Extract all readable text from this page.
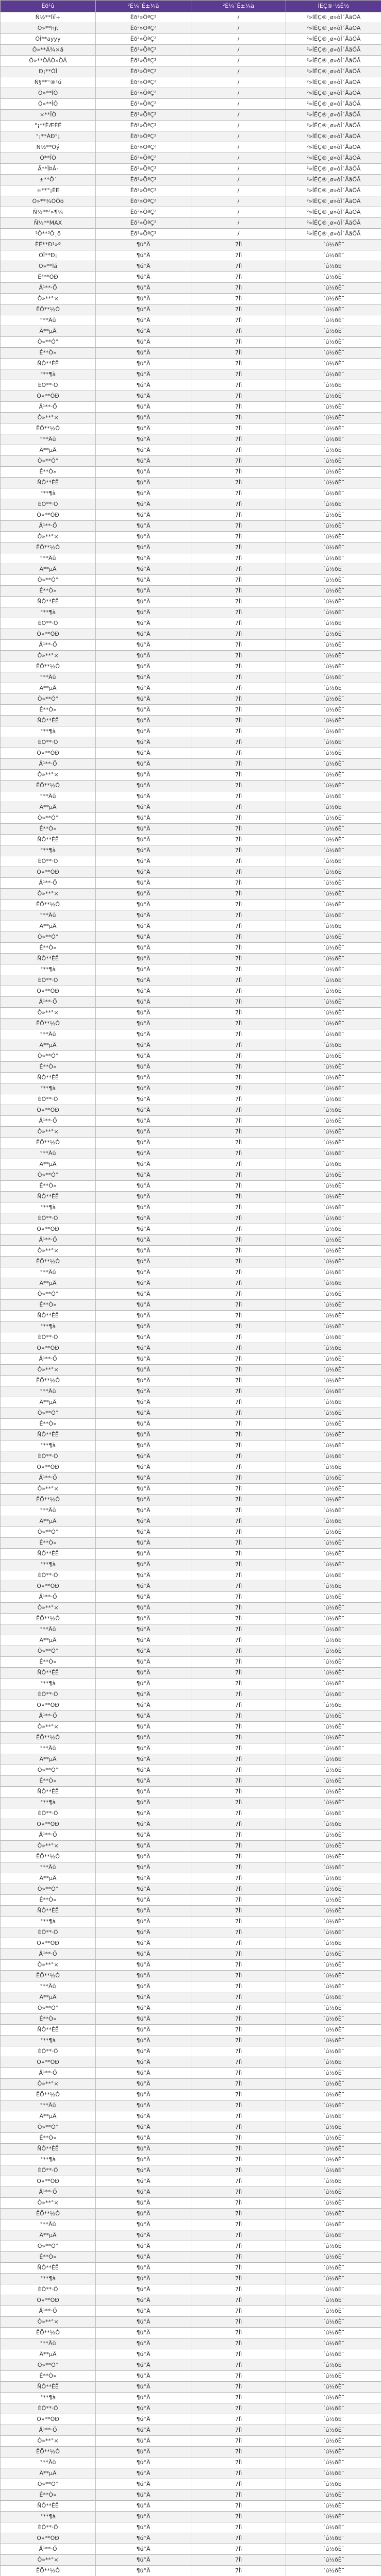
Ëð¹û	²É¼¯Ê±¼ä	²É¼¯Ê±¼ä	ÍËÇ®·½Ê½
Ñ½**ÌìÎ÷	Ëð²»ÖªÇ²	/	²»ÍËÇ®¸ø»òÎ´ÅäÖÃ
Ò»**hjt	Ëð²»ÖªÇ²	/	²»ÍËÇ®¸ø»òÎ´ÅäÖÃ
ÓÎ**ayyy	Ëð²»ÖªÇ²	/	²»ÍËÇ®¸ø»òÎ´ÅäÖÃ
Ò»**Ä¾×ã	Ëð²»ÖªÇ²	/	²»ÍËÇ®¸ø»òÎ´ÅäÖÃ
Ò»**ÒÁÒ»ÒÁ	Ëð²»ÖªÇ²	/	²»ÍËÇ®¸ø»òÎ´ÅäÖÃ
Ð¡**ÓÎ	Ëð²»ÖªÇ²	/	²»ÍËÇ®¸ø»òÎ´ÅäÖÃ
Ñ§**°®¹ú	Ëð²»ÖªÇ²	/	²»ÍËÇ®¸ø»òÎ´ÅäÖÃ
Ö»**ÎÒ	Ëð²»ÖªÇ²	/	²»ÍËÇ®¸ø»òÎ´ÅäÖÃ
Ò»**ÎÒ	Ëð²»ÖªÇ²	/	²»ÍËÇ®¸ø»òÎ´ÅäÖÃ
×**ÎÒ	Ëð²»ÖªÇ²	/	²»ÍËÇ®¸ø»òÎ´ÅäÖÃ
°¡**ÈÆÈË	Ëð²»ÖªÇ²	/	²»ÍËÇ®¸ø»òÎ´ÅäÖÃ
°¡**ÁÐ°¡	Ëð²»ÖªÇ²	/	²»ÍËÇ®¸ø»òÎ´ÅäÖÃ
Ñ½**Õý	Ëð²»ÖªÇ²	/	²»ÍËÇ®¸ø»òÎ´ÅäÖÃ
Ò**ÎÒ	Ëð²»ÖªÇ²	/	²»ÍËÇ®¸ø»òÎ´ÅäÖÃ
Ã**ÏÞÂ·	Ëð²»ÖªÇ²	/	²»ÍËÇ®¸ø»òÎ´ÅäÖÃ
±**Ô´	Ëð²»ÖªÇ²	/	²»ÍËÇ®¸ø»òÎ´ÅäÖÃ
±**°¡ÈË	Ëð²»ÖªÇ²	/	²»ÍËÇ®¸ø»òÎ´ÅäÖÃ
Ò»**¾ÓÔõ	Ëð²»ÖªÇ²	/	²»ÍËÇ®¸ø»òÎ´ÅäÖÃ
Ñ½**²»¶¼	Ëð²»ÖªÇ²	/	²»ÍËÇ®¸ø»òÎ´ÅäÖÃ
Ñ½**MAX	Ëð²»ÖªÇ²	/	²»ÍËÇ®¸ø»òÎ´ÅäÖÃ
³Ô**³Ô¸ö	Ëð²»ÖªÇ²	/	²»ÍËÇ®¸ø»òÎ´ÅäÖÃ
ÈË**Ð¹»ª	¶ú°Ä	7Ìì	´ú½ðÈ¯
ÓÎ**Ð¡	¶ú°Ä	7Ìì	´ú½ðÈ¯
Ò»**Íá	¶ú°Ä	7Ìì	´ú½ðÈ¯
Ë³**ÓÐ	¶ú°Ä	7Ìì	´ú½ðÈ¯
Ä¹**·Ö	¶ú°Ä	7Ìì	´ú½ðÈ¯
Ò»**°×	¶ú°Ä	7Ìì	´ú½ðÈ¯
ËÕ**½Ó	¶ú°Ä	7Ìì	´ú½ðÈ¯
°**Ãû	¶ú°Ä	7Ìì	´ú½ðÈ¯
Ã**µÄ	¶ú°Ä	7Ìì	´ú½ðÈ¯
Ò»**Ó°	¶ú°Ä	7Ìì	´ú½ðÈ¯
É**Ò»	¶ú°Ä	7Ìì	´ú½ðÈ¯
ÑÔ**ÈË	¶ú°Ä	7Ìì	´ú½ðÈ¯
°**¶à	¶ú°Ä	7Ìì	´ú½ðÈ¯
ÈÕ**·Ö	¶ú°Ä	7Ìì	´ú½ðÈ¯
Ò»**ÓÐ	¶ú°Ä	7Ìì	´ú½ðÈ¯
Ä¹**·Ö	¶ú°Ä	7Ìì	´ú½ðÈ¯
Ò»**°×	¶ú°Ä	7Ìì	´ú½ðÈ¯
ËÕ**½Ó	¶ú°Ä	7Ìì	´ú½ðÈ¯
°**Ãû	¶ú°Ä	7Ìì	´ú½ðÈ¯
Ã**µÄ	¶ú°Ä	7Ìì	´ú½ðÈ¯
Ò»**Ó°	¶ú°Ä	7Ìì	´ú½ðÈ¯
É**Ò»	¶ú°Ä	7Ìì	´ú½ðÈ¯
ÑÔ**ÈË	¶ú°Ä	7Ìì	´ú½ðÈ¯
°**¶à	¶ú°Ä	7Ìì	´ú½ðÈ¯
ÈÕ**·Ö	¶ú°Ä	7Ìì	´ú½ðÈ¯
Ò»**ÓÐ	¶ú°Ä	7Ìì	´ú½ðÈ¯
Ä¹**·Ö	¶ú°Ä	7Ìì	´ú½ðÈ¯
Ò»**°×	¶ú°Ä	7Ìì	´ú½ðÈ¯
ËÕ**½Ó	¶ú°Ä	7Ìì	´ú½ðÈ¯
°**Ãû	¶ú°Ä	7Ìì	´ú½ðÈ¯
Ã**µÄ	¶ú°Ä	7Ìì	´ú½ðÈ¯
Ò»**Ó°	¶ú°Ä	7Ìì	´ú½ðÈ¯
É**Ò»	¶ú°Ä	7Ìì	´ú½ðÈ¯
ÑÔ**ÈË	¶ú°Ä	7Ìì	´ú½ðÈ¯
°**¶à	¶ú°Ä	7Ìì	´ú½ðÈ¯
ÈÕ**·Ö	¶ú°Ä	7Ìì	´ú½ðÈ¯
Ò»**ÓÐ	¶ú°Ä	7Ìì	´ú½ðÈ¯
Ä¹**·Ö	¶ú°Ä	7Ìì	´ú½ðÈ¯
Ò»**°×	¶ú°Ä	7Ìì	´ú½ðÈ¯
ËÕ**½Ó	¶ú°Ä	7Ìì	´ú½ðÈ¯
°**Ãû	¶ú°Ä	7Ìì	´ú½ðÈ¯
Ã**µÄ	¶ú°Ä	7Ìì	´ú½ðÈ¯
Ò»**Ó°	¶ú°Ä	7Ìì	´ú½ðÈ¯
É**Ò»	¶ú°Ä	7Ìì	´ú½ðÈ¯
ÑÔ**ÈË	¶ú°Ä	7Ìì	´ú½ðÈ¯
°**¶à	¶ú°Ä	7Ìì	´ú½ðÈ¯
ÈÕ**·Ö	¶ú°Ä	7Ìì	´ú½ðÈ¯
Ò»**ÓÐ	¶ú°Ä	7Ìì	´ú½ðÈ¯
Ä¹**·Ö	¶ú°Ä	7Ìì	´ú½ðÈ¯
Ò»**°×	¶ú°Ä	7Ìì	´ú½ðÈ¯
ËÕ**½Ó	¶ú°Ä	7Ìì	´ú½ðÈ¯
°**Ãû	¶ú°Ä	7Ìì	´ú½ðÈ¯
Ã**µÄ	¶ú°Ä	7Ìì	´ú½ðÈ¯
Ò»**Ó°	¶ú°Ä	7Ìì	´ú½ðÈ¯
É**Ò»	¶ú°Ä	7Ìì	´ú½ðÈ¯
ÑÔ**ÈË	¶ú°Ä	7Ìì	´ú½ðÈ¯
°**¶à	¶ú°Ä	7Ìì	´ú½ðÈ¯
ÈÕ**·Ö	¶ú°Ä	7Ìì	´ú½ðÈ¯
Ò»**ÓÐ	¶ú°Ä	7Ìì	´ú½ðÈ¯
Ä¹**·Ö	¶ú°Ä	7Ìì	´ú½ðÈ¯
Ò»**°×	¶ú°Ä	7Ìì	´ú½ðÈ¯
ËÕ**½Ó	¶ú°Ä	7Ìì	´ú½ðÈ¯
°**Ãû	¶ú°Ä	7Ìì	´ú½ðÈ¯
Ã**µÄ	¶ú°Ä	7Ìì	´ú½ðÈ¯
Ò»**Ó°	¶ú°Ä	7Ìì	´ú½ðÈ¯
É**Ò»	¶ú°Ä	7Ìì	´ú½ðÈ¯
ÑÔ**ÈË	¶ú°Ä	7Ìì	´ú½ðÈ¯
°**¶à	¶ú°Ä	7Ìì	´ú½ðÈ¯
ÈÕ**·Ö	¶ú°Ä	7Ìì	´ú½ðÈ¯
Ò»**ÓÐ	¶ú°Ä	7Ìì	´ú½ðÈ¯
Ä¹**·Ö	¶ú°Ä	7Ìì	´ú½ðÈ¯
Ò»**°×	¶ú°Ä	7Ìì	´ú½ðÈ¯
ËÕ**½Ó	¶ú°Ä	7Ìì	´ú½ðÈ¯
°**Ãû	¶ú°Ä	7Ìì	´ú½ðÈ¯
Ã**µÄ	¶ú°Ä	7Ìì	´ú½ðÈ¯
Ò»**Ó°	¶ú°Ä	7Ìì	´ú½ðÈ¯
É**Ò»	¶ú°Ä	7Ìì	´ú½ðÈ¯
ÑÔ**ÈË	¶ú°Ä	7Ìì	´ú½ðÈ¯
°**¶à	¶ú°Ä	7Ìì	´ú½ðÈ¯
ÈÕ**·Ö	¶ú°Ä	7Ìì	´ú½ðÈ¯
Ò»**ÓÐ	¶ú°Ä	7Ìì	´ú½ðÈ¯
Ä¹**·Ö	¶ú°Ä	7Ìì	´ú½ðÈ¯
Ò»**°×	¶ú°Ä	7Ìì	´ú½ðÈ¯
ËÕ**½Ó	¶ú°Ä	7Ìì	´ú½ðÈ¯
°**Ãû	¶ú°Ä	7Ìì	´ú½ðÈ¯
Ã**µÄ	¶ú°Ä	7Ìì	´ú½ðÈ¯
Ò»**Ó°	¶ú°Ä	7Ìì	´ú½ðÈ¯
É**Ò»	¶ú°Ä	7Ìì	´ú½ðÈ¯
ÑÔ**ÈË	¶ú°Ä	7Ìì	´ú½ðÈ¯
°**¶à	¶ú°Ä	7Ìì	´ú½ðÈ¯
ÈÕ**·Ö	¶ú°Ä	7Ìì	´ú½ðÈ¯
Ò»**ÓÐ	¶ú°Ä	7Ìì	´ú½ðÈ¯
Ä¹**·Ö	¶ú°Ä	7Ìì	´ú½ðÈ¯
Ò»**°×	¶ú°Ä	7Ìì	´ú½ðÈ¯
ËÕ**½Ó	¶ú°Ä	7Ìì	´ú½ðÈ¯
°**Ãû	¶ú°Ä	7Ìì	´ú½ðÈ¯
Ã**µÄ	¶ú°Ä	7Ìì	´ú½ðÈ¯
Ò»**Ó°	¶ú°Ä	7Ìì	´ú½ðÈ¯
É**Ò»	¶ú°Ä	7Ìì	´ú½ðÈ¯
ÑÔ**ÈË	¶ú°Ä	7Ìì	´ú½ðÈ¯
°**¶à	¶ú°Ä	7Ìì	´ú½ðÈ¯
ÈÕ**·Ö	¶ú°Ä	7Ìì	´ú½ðÈ¯
Ò»**ÓÐ	¶ú°Ä	7Ìì	´ú½ðÈ¯
Ä¹**·Ö	¶ú°Ä	7Ìì	´ú½ðÈ¯
Ò»**°×	¶ú°Ä	7Ìì	´ú½ðÈ¯
ËÕ**½Ó	¶ú°Ä	7Ìì	´ú½ðÈ¯
°**Ãû	¶ú°Ä	7Ìì	´ú½ðÈ¯
Ã**µÄ	¶ú°Ä	7Ìì	´ú½ðÈ¯
Ò»**Ó°	¶ú°Ä	7Ìì	´ú½ðÈ¯
É**Ò»	¶ú°Ä	7Ìì	´ú½ðÈ¯
ÑÔ**ÈË	¶ú°Ä	7Ìì	´ú½ðÈ¯
°**¶à	¶ú°Ä	7Ìì	´ú½ðÈ¯
ÈÕ**·Ö	¶ú°Ä	7Ìì	´ú½ðÈ¯
Ò»**ÓÐ	¶ú°Ä	7Ìì	´ú½ðÈ¯
Ä¹**·Ö	¶ú°Ä	7Ìì	´ú½ðÈ¯
Ò»**°×	¶ú°Ä	7Ìì	´ú½ðÈ¯
ËÕ**½Ó	¶ú°Ä	7Ìì	´ú½ðÈ¯
°**Ãû	¶ú°Ä	7Ìì	´ú½ðÈ¯
Ã**µÄ	¶ú°Ä	7Ìì	´ú½ðÈ¯
Ò»**Ó°	¶ú°Ä	7Ìì	´ú½ðÈ¯
É**Ò»	¶ú°Ä	7Ìì	´ú½ðÈ¯
ÑÔ**ÈË	¶ú°Ä	7Ìì	´ú½ðÈ¯
°**¶à	¶ú°Ä	7Ìì	´ú½ðÈ¯
ÈÕ**·Ö	¶ú°Ä	7Ìì	´ú½ðÈ¯
Ò»**ÓÐ	¶ú°Ä	7Ìì	´ú½ðÈ¯
Ä¹**·Ö	¶ú°Ä	7Ìì	´ú½ðÈ¯
Ò»**°×	¶ú°Ä	7Ìì	´ú½ðÈ¯
ËÕ**½Ó	¶ú°Ä	7Ìì	´ú½ðÈ¯
°**Ãû	¶ú°Ä	7Ìì	´ú½ðÈ¯
Ã**µÄ	¶ú°Ä	7Ìì	´ú½ðÈ¯
Ò»**Ó°	¶ú°Ä	7Ìì	´ú½ðÈ¯
É**Ò»	¶ú°Ä	7Ìì	´ú½ðÈ¯
ÑÔ**ÈË	¶ú°Ä	7Ìì	´ú½ðÈ¯
°**¶à	¶ú°Ä	7Ìì	´ú½ðÈ¯
ÈÕ**·Ö	¶ú°Ä	7Ìì	´ú½ðÈ¯
Ò»**ÓÐ	¶ú°Ä	7Ìì	´ú½ðÈ¯
Ä¹**·Ö	¶ú°Ä	7Ìì	´ú½ðÈ¯
Ò»**°×	¶ú°Ä	7Ìì	´ú½ðÈ¯
ËÕ**½Ó	¶ú°Ä	7Ìì	´ú½ðÈ¯
°**Ãû	¶ú°Ä	7Ìì	´ú½ðÈ¯
Ã**µÄ	¶ú°Ä	7Ìì	´ú½ðÈ¯
Ò»**Ó°	¶ú°Ä	7Ìì	´ú½ðÈ¯
É**Ò»	¶ú°Ä	7Ìì	´ú½ðÈ¯
ÑÔ**ÈË	¶ú°Ä	7Ìì	´ú½ðÈ¯
°**¶à	¶ú°Ä	7Ìì	´ú½ðÈ¯
ÈÕ**·Ö	¶ú°Ä	7Ìì	´ú½ðÈ¯
Ò»**ÓÐ	¶ú°Ä	7Ìì	´ú½ðÈ¯
Ä¹**·Ö	¶ú°Ä	7Ìì	´ú½ðÈ¯
Ò»**°×	¶ú°Ä	7Ìì	´ú½ðÈ¯
ËÕ**½Ó	¶ú°Ä	7Ìì	´ú½ðÈ¯
°**Ãû	¶ú°Ä	7Ìì	´ú½ðÈ¯
Ã**µÄ	¶ú°Ä	7Ìì	´ú½ðÈ¯
Ò»**Ó°	¶ú°Ä	7Ìì	´ú½ðÈ¯
É**Ò»	¶ú°Ä	7Ìì	´ú½ðÈ¯
ÑÔ**ÈË	¶ú°Ä	7Ìì	´ú½ðÈ¯
°**¶à	¶ú°Ä	7Ìì	´ú½ðÈ¯
ÈÕ**·Ö	¶ú°Ä	7Ìì	´ú½ðÈ¯
Ò»**ÓÐ	¶ú°Ä	7Ìì	´ú½ðÈ¯
Ä¹**·Ö	¶ú°Ä	7Ìì	´ú½ðÈ¯
Ò»**°×	¶ú°Ä	7Ìì	´ú½ðÈ¯
ËÕ**½Ó	¶ú°Ä	7Ìì	´ú½ðÈ¯
°**Ãû	¶ú°Ä	7Ìì	´ú½ðÈ¯
Ã**µÄ	¶ú°Ä	7Ìì	´ú½ðÈ¯
Ò»**Ó°	¶ú°Ä	7Ìì	´ú½ðÈ¯
É**Ò»	¶ú°Ä	7Ìì	´ú½ðÈ¯
ÑÔ**ÈË	¶ú°Ä	7Ìì	´ú½ðÈ¯
°**¶à	¶ú°Ä	7Ìì	´ú½ðÈ¯
ÈÕ**·Ö	¶ú°Ä	7Ìì	´ú½ðÈ¯
Ò»**ÓÐ	¶ú°Ä	7Ìì	´ú½ðÈ¯
Ä¹**·Ö	¶ú°Ä	7Ìì	´ú½ðÈ¯
Ò»**°×	¶ú°Ä	7Ìì	´ú½ðÈ¯
ËÕ**½Ó	¶ú°Ä	7Ìì	´ú½ðÈ¯
°**Ãû	¶ú°Ä	7Ìì	´ú½ðÈ¯
Ã**µÄ	¶ú°Ä	7Ìì	´ú½ðÈ¯
Ò»**Ó°	¶ú°Ä	7Ìì	´ú½ðÈ¯
É**Ò»	¶ú°Ä	7Ìì	´ú½ðÈ¯
ÑÔ**ÈË	¶ú°Ä	7Ìì	´ú½ðÈ¯
°**¶à	¶ú°Ä	7Ìì	´ú½ðÈ¯
ÈÕ**·Ö	¶ú°Ä	7Ìì	´ú½ðÈ¯
Ò»**ÓÐ	¶ú°Ä	7Ìì	´ú½ðÈ¯
Ä¹**·Ö	¶ú°Ä	7Ìì	´ú½ðÈ¯
Ò»**°×	¶ú°Ä	7Ìì	´ú½ðÈ¯
ËÕ**½Ó	¶ú°Ä	7Ìì	´ú½ðÈ¯
°**Ãû	¶ú°Ä	7Ìì	´ú½ðÈ¯
Ã**µÄ	¶ú°Ä	7Ìì	´ú½ðÈ¯
Ò»**Ó°	¶ú°Ä	7Ìì	´ú½ðÈ¯
É**Ò»	¶ú°Ä	7Ìì	´ú½ðÈ¯
ÑÔ**ÈË	¶ú°Ä	7Ìì	´ú½ðÈ¯
°**¶à	¶ú°Ä	7Ìì	´ú½ðÈ¯
ÈÕ**·Ö	¶ú°Ä	7Ìì	´ú½ðÈ¯
Ò»**ÓÐ	¶ú°Ä	7Ìì	´ú½ðÈ¯
Ä¹**·Ö	¶ú°Ä	7Ìì	´ú½ðÈ¯
Ò»**°×	¶ú°Ä	7Ìì	´ú½ðÈ¯
ËÕ**½Ó	¶ú°Ä	7Ìì	´ú½ðÈ¯
°**Ãû	¶ú°Ä	7Ìì	´ú½ðÈ¯
Ã**µÄ	¶ú°Ä	7Ìì	´ú½ðÈ¯
Ò»**Ó°	¶ú°Ä	7Ìì	´ú½ðÈ¯
É**Ò»	¶ú°Ä	7Ìì	´ú½ðÈ¯
ÑÔ**ÈË	¶ú°Ä	7Ìì	´ú½ðÈ¯
°**¶à	¶ú°Ä	7Ìì	´ú½ðÈ¯
ÈÕ**·Ö	¶ú°Ä	7Ìì	´ú½ðÈ¯
Ò»**ÓÐ	¶ú°Ä	7Ìì	´ú½ðÈ¯
Ä¹**·Ö	¶ú°Ä	7Ìì	´ú½ðÈ¯
Ò»**°×	¶ú°Ä	7Ìì	´ú½ðÈ¯
ËÕ**½Ó	¶ú°Ä	7Ìì	´ú½ðÈ¯
°**Ãû	¶ú°Ä	7Ìì	´ú½ðÈ¯
Ã**µÄ	¶ú°Ä	7Ìì	´ú½ðÈ¯
Ò»**Ó°	¶ú°Ä	7Ìì	´ú½ðÈ¯
É**Ò»	¶ú°Ä	7Ìì	´ú½ðÈ¯
ÑÔ**ÈË	¶ú°Ä	7Ìì	´ú½ðÈ¯
°**¶à	¶ú°Ä	7Ìì	´ú½ðÈ¯
ÈÕ**·Ö	¶ú°Ä	7Ìì	´ú½ðÈ¯
Ò»**ÓÐ	¶ú°Ä	7Ìì	´ú½ðÈ¯
Ä¹**·Ö	¶ú°Ä	7Ìì	´ú½ðÈ¯
Ò»**°×	¶ú°Ä	7Ìì	´ú½ðÈ¯
ËÕ**½Ó	¶ú°Ä	7Ìì	´ú½ðÈ¯
